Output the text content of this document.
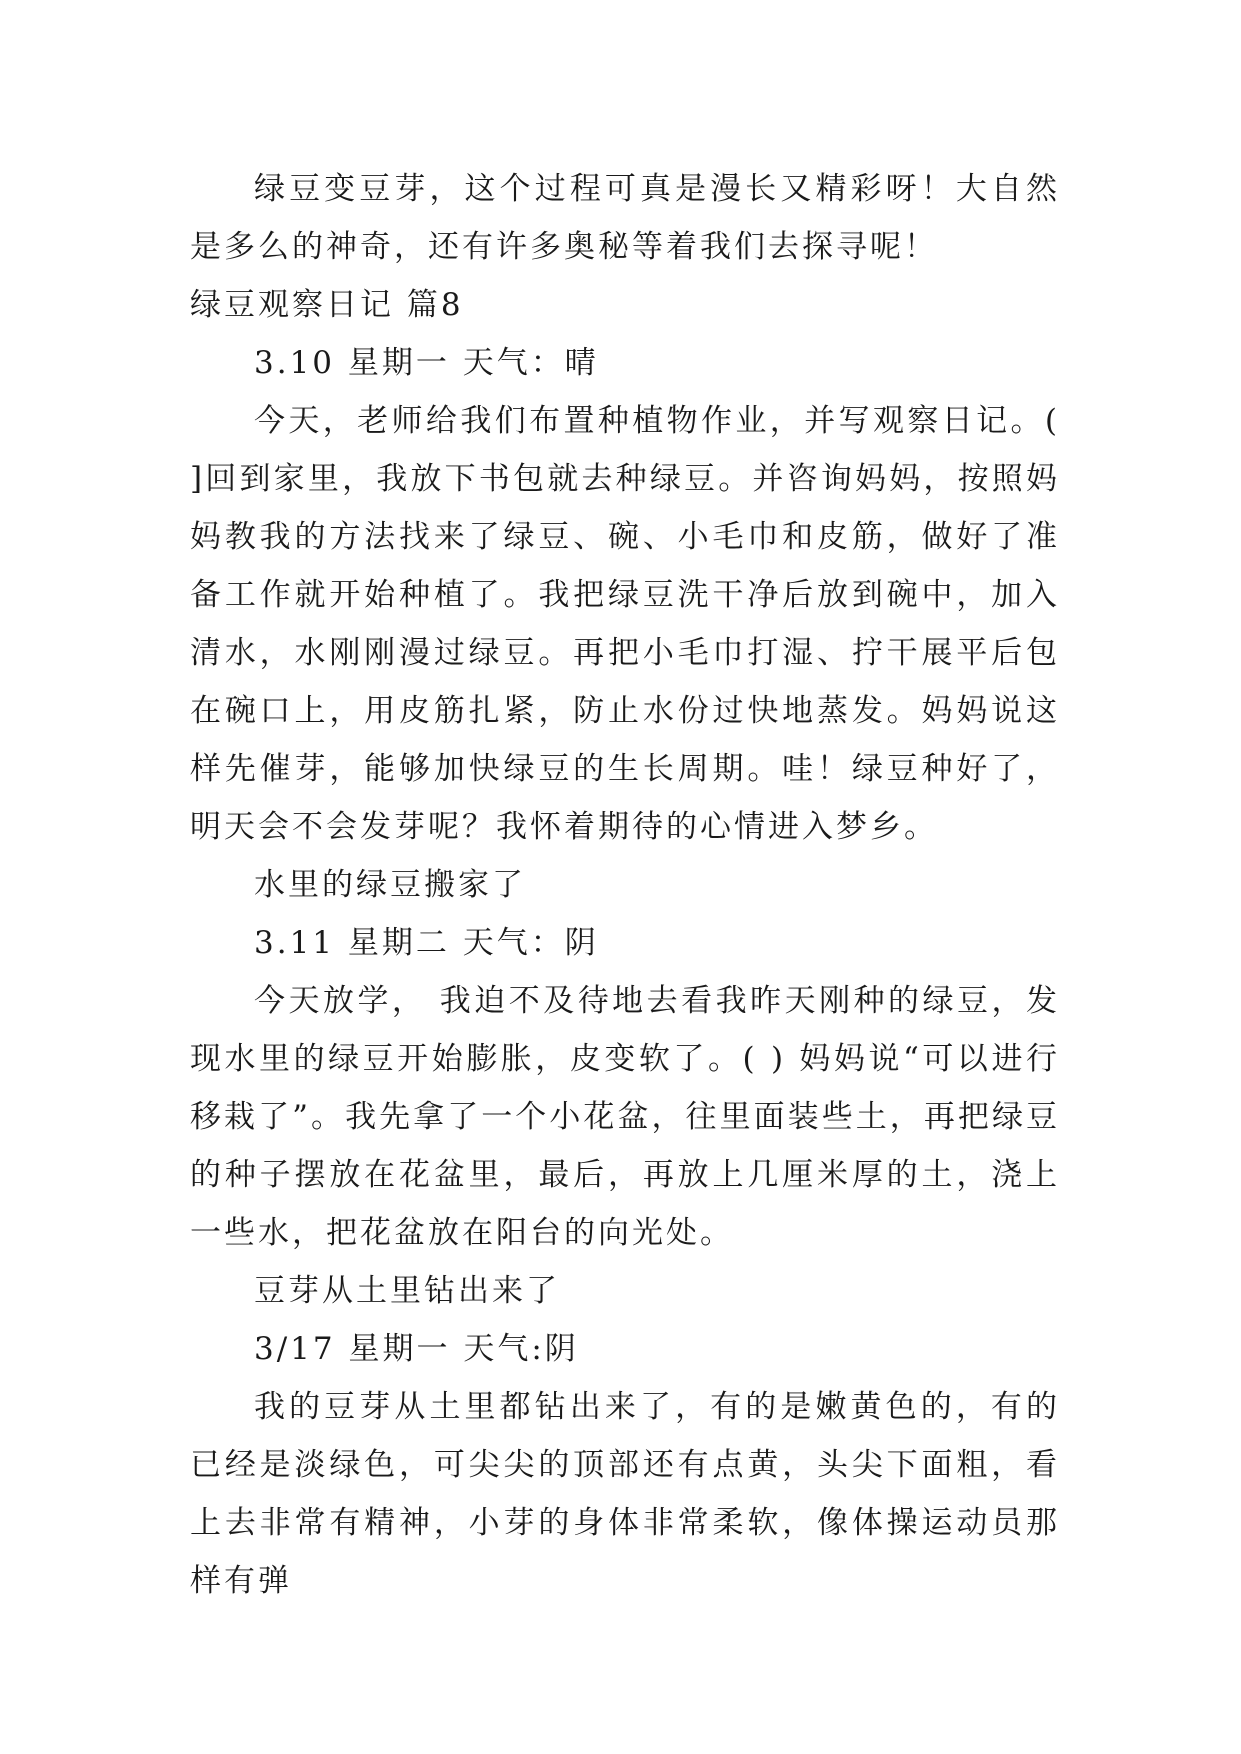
绿豆变豆芽，这个过程可真是漫长又精彩呀！大自然是多么的神奇，还有许多奥秘等着我们去探寻呢！

绿豆观察日记 篇8

3.10 星期一 天气：晴

今天，老师给我们布置种植物作业，并写观察日记。( ]回到家里，我放下书包就去种绿豆。并咨询妈妈，按照妈妈教我的方法找来了绿豆、碗、小毛巾和皮筋，做好了准备工作就开始种植了。我把绿豆洗干净后放到碗中，加入清水，水刚刚漫过绿豆。再把小毛巾打湿、拧干展平后包在碗口上，用皮筋扎紧，防止水份过快地蒸发。妈妈说这样先催芽，能够加快绿豆的生长周期。哇！绿豆种好了，明天会不会发芽呢？我怀着期待的心情进入梦乡。

水里的绿豆搬家了

3.11 星期二 天气：阴

今天放学， 我迫不及待地去看我昨天刚种的绿豆，发现水里的绿豆开始膨胀，皮变软了。( ) 妈妈说“可以进行移栽了”。我先拿了一个小花盆，往里面装些土，再把绿豆的种子摆放在花盆里，最后，再放上几厘米厚的土，浇上一些水，把花盆放在阳台的向光处。

豆芽从土里钻出来了

3/17 星期一 天气:阴

我的豆芽从土里都钻出来了，有的是嫩黄色的，有的已经是淡绿色，可尖尖的顶部还有点黄，头尖下面粗，看上去非常有精神，小芽的身体非常柔软，像体操运动员那样有弹
